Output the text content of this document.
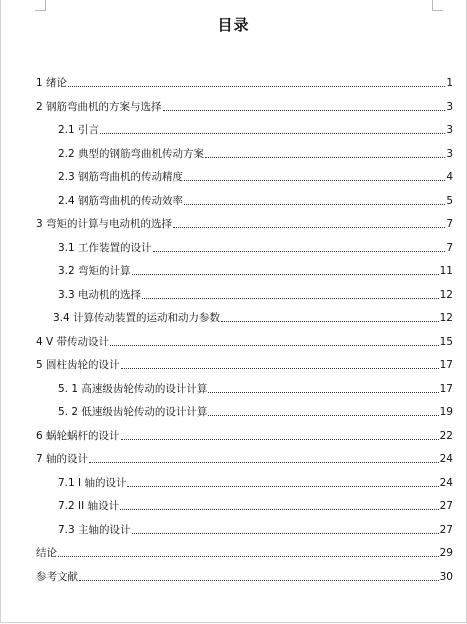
目录
1 绪论	1
2 钢筋弯曲机的方案与选择	3
2.1 引言	3
2.2 典型的钢筋弯曲机传动方案	3
2.3 钢筋弯曲机的传动精度	4
2.4 钢筋弯曲机的传动效率	5
3 弯矩的计算与电动机的选择	7
3.1 工作装置的设计	7
3.2 弯矩的计算	11
3.3 电动机的选择	12
3.4 计算传动装置的运动和动力参数	12
4 V 带传动设计	15
5 圆柱齿轮的设计	17
5. 1 高速级齿轮传动的设计计算	17
5. 2 低速级齿轮传动的设计计算	19
6 蜗轮蜗杆的设计	22
7 轴的设计	24
7.1 I 轴的设计	24
7.2 II 轴设计	27
7.3 主轴的设计	27
结论	29
参考文献	30
